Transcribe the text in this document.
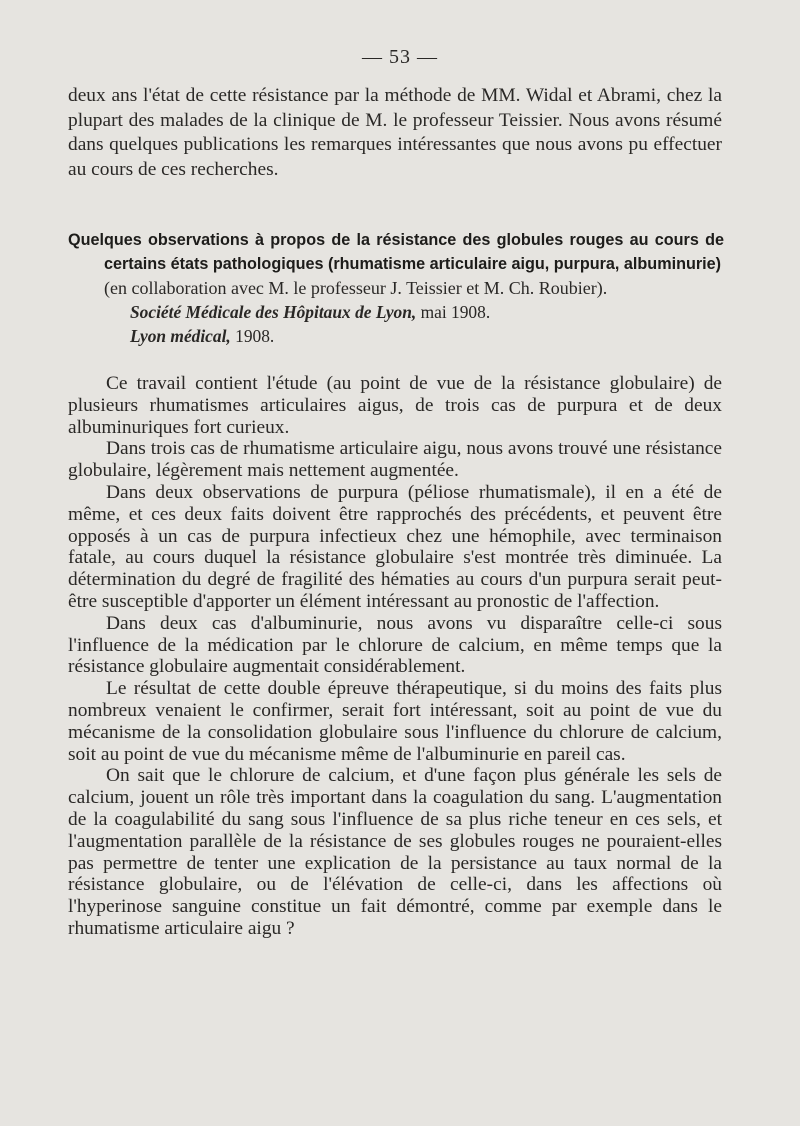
— 53 —

deux ans l'état de cette résistance par la méthode de MM. Widal et Abrami, chez la plupart des malades de la clinique de M. le professeur Teissier. Nous avons résumé dans quelques publications les remarques intéressantes que nous avons pu effectuer au cours de ces recherches.

Quelques observations à propos de la résistance des globules rouges au cours de certains états pathologiques (rhumatisme articulaire aigu, purpura, albuminurie)

(en collaboration avec M. le professeur J. Teissier et M. Ch. Roubier).

Société Médicale des Hôpitaux de Lyon, mai 1908.

Lyon médical, 1908.

Ce travail contient l'étude (au point de vue de la résistance globulaire) de plusieurs rhumatismes articulaires aigus, de trois cas de purpura et de deux albuminuriques fort curieux.

Dans trois cas de rhumatisme articulaire aigu, nous avons trouvé une résistance globulaire, légèrement mais nettement augmentée.

Dans deux observations de purpura (péliose rhumatismale), il en a été de même, et ces deux faits doivent être rapprochés des précédents, et peuvent être opposés à un cas de purpura infectieux chez une hémophile, avec terminaison fatale, au cours duquel la résistance globulaire s'est montrée très diminuée. La détermination du degré de fragilité des hématies au cours d'un purpura serait peut-être susceptible d'apporter un élément intéressant au pronostic de l'affection.

Dans deux cas d'albuminurie, nous avons vu disparaître celle-ci sous l'influence de la médication par le chlorure de calcium, en même temps que la résistance globulaire augmentait considérablement.

Le résultat de cette double épreuve thérapeutique, si du moins des faits plus nombreux venaient le confirmer, serait fort intéressant, soit au point de vue du mécanisme de la consolidation globulaire sous l'influence du chlorure de calcium, soit au point de vue du mécanisme même de l'albuminurie en pareil cas.

On sait que le chlorure de calcium, et d'une façon plus générale les sels de calcium, jouent un rôle très important dans la coagulation du sang. L'augmentation de la coagulabilité du sang sous l'influence de sa plus riche teneur en ces sels, et l'augmentation parallèle de la résistance de ses globules rouges ne pouraient-elles pas permettre de tenter une explication de la persistance au taux normal de la résistance globulaire, ou de l'élévation de celle-ci, dans les affections où l'hyperinose sanguine constitue un fait démontré, comme par exemple dans le rhumatisme articulaire aigu ?
